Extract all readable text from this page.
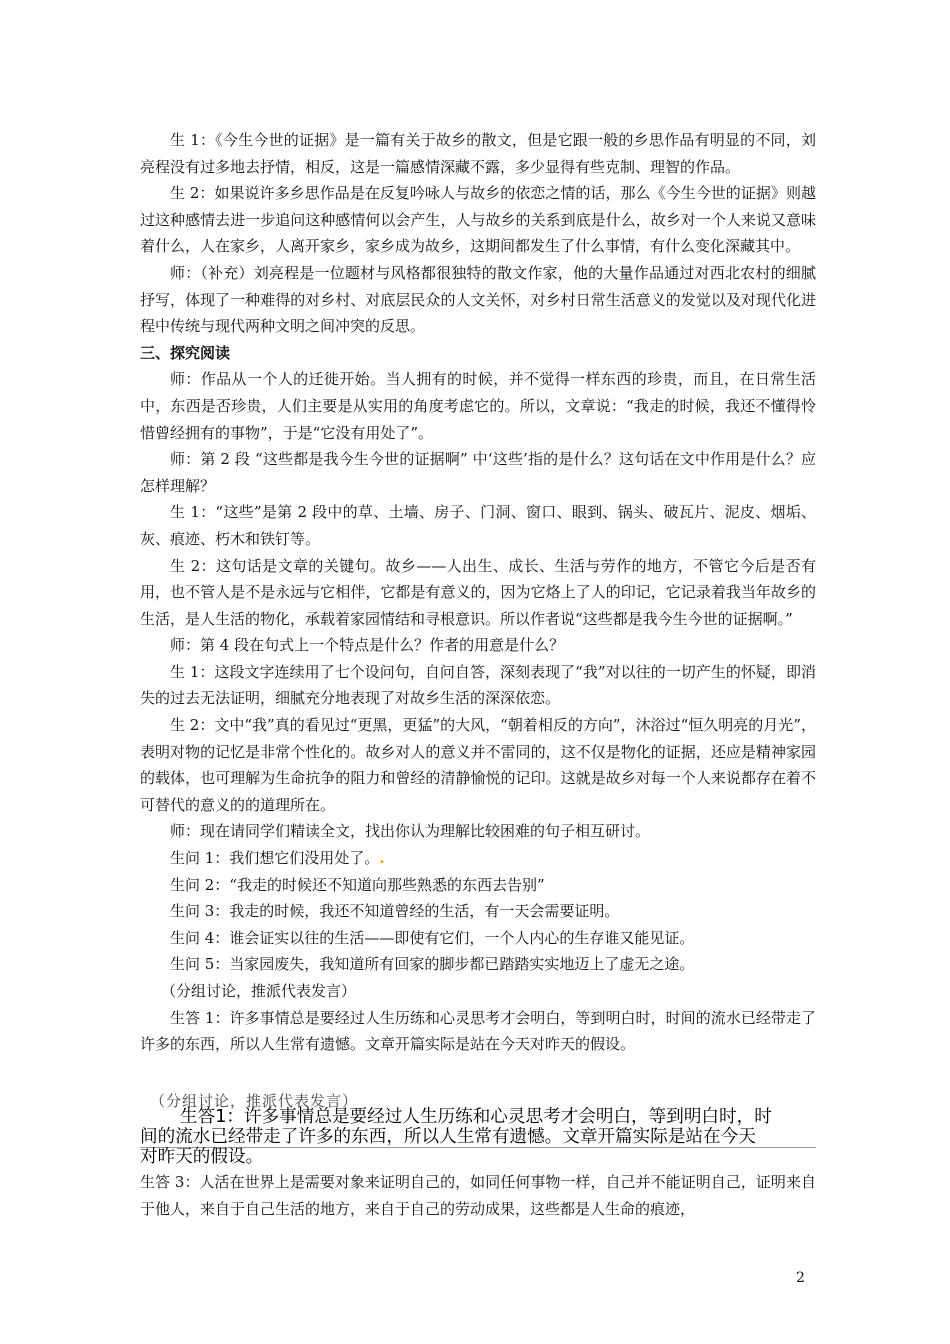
生 1：《今生今世的证据》是一篇有关于故乡的散文，但是它跟一般的乡思作品有明显的不同，刘亮程没有过多地去抒情，相反，这是一篇感情深藏不露，多少显得有些克制、理智的作品。

生 2：如果说许多乡思作品是在反复吟咏人与故乡的依恋之情的话，那么《今生今世的证据》则越过这种感情去进一步追问这种感情何以会产生，人与故乡的关系到底是什么，故乡对一个人来说又意味着什么，人在家乡，人离开家乡，家乡成为故乡，这期间都发生了什么事情，有什么变化深藏其中。

师：（补充）刘亮程是一位题材与风格都很独特的散文作家，他的大量作品通过对西北农村的细腻抒写，体现了一种难得的对乡村、对底层民众的人文关怀，对乡村日常生活意义的发觉以及对现代化进程中传统与现代两种文明之间冲突的反思。

三、探究阅读

师：作品从一个人的迁徙开始。当人拥有的时候，并不觉得一样东西的珍贵，而且，在日常生活中，东西是否珍贵，人们主要是从实用的角度考虑它的。所以，文章说：“我走的时候，我还不懂得怜惜曾经拥有的事物”，于是“它没有用处了”。

师：第 2 段 “这些都是我今生今世的证据啊” 中‘这些’指的是什么？这句话在文中作用是什么？应怎样理解？

生 1：“这些”是第 2 段中的草、土墙、房子、门洞、窗口、眼到、锅头、破瓦片、泥皮、烟垢、灰、痕迹、朽木和铁钉等。

生 2：这句话是文章的关键句。故乡——人出生、成长、生活与劳作的地方，不管它今后是否有用，也不管人是不是永远与它相伴，它都是有意义的，因为它烙上了人的印记，它记录着我当年故乡的生活，是人生活的物化，承载着家园情结和寻根意识。所以作者说“这些都是我今生今世的证据啊。”

师：第 4 段在句式上一个特点是什么？作者的用意是什么？

生 1：这段文字连续用了七个设问句，自问自答，深刻表现了“我”对以往的一切产生的怀疑，即消失的过去无法证明，细腻充分地表现了对故乡生活的深深依恋。

生 2：文中“我”真的看见过“更黑，更猛”的大风，“朝着相反的方向”，沐浴过“恒久明亮的月光”，表明对物的记忆是非常个性化的。故乡对人的意义并不雷同的，这不仅是物化的证据，还应是精神家园的载体，也可理解为生命抗争的阻力和曾经的清静愉悦的记印。这就是故乡对每一个人来说都存在着不可替代的意义的的道理所在。

师：现在请同学们精读全文，找出你认为理解比较困难的句子相互研讨。

生问 1：我们想它们没用处了。.

生问 2：“我走的时候还不知道向那些熟悉的东西去告别”

生问 3：我走的时候，我还不知道曾经的生活，有一天会需要证明。

生问 4：谁会证实以往的生活——即使有它们，一个人内心的生存谁又能见证。

生问 5：当家园废失，我知道所有回家的脚步都已踏踏实实地迈上了虚无之途。

（分组讨论，推派代表发言）

生答 1：许多事情总是要经过人生历练和心灵思考才会明白，等到明白时，时间的流水已经带走了许多的东西，所以人生常有遗憾。文章开篇实际是站在今天对昨天的假设。

（分组讨论，推派代表发言）

生答1：许多事情总是要经过人生历练和心灵思考才会明白，等到明白时，时

间的流水已经带走了许多的东西，所以人生常有遗憾。文章开篇实际是站在今天

对昨天的假设。

生答 3：人活在世界上是需要对象来证明自己的，如同任何事物一样，自己并不能证明自己，证明来自于他人，来自于自己生活的地方，来自于自己的劳动成果，这些都是人生命的痕迹，

2
